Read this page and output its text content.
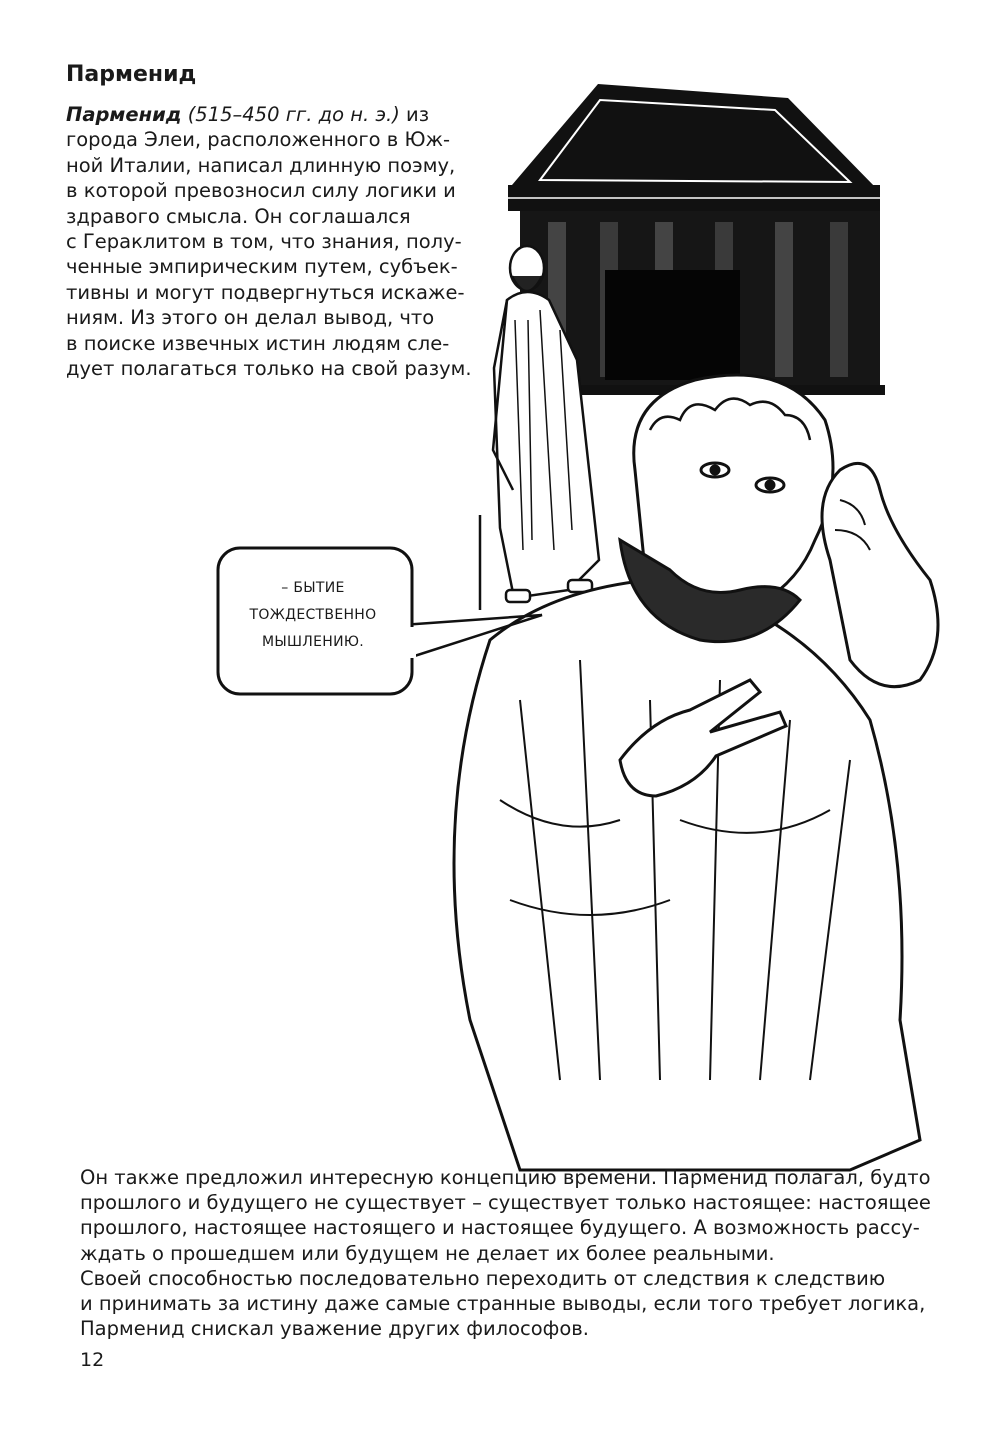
Парменид
Парменид (515–450 гг. до н. э.) из
города Элеи, расположенного в Юж-
ной Италии, написал длинную поэму,
в которой превозносил силу логики и
здравого смысла. Он соглашался
с Гераклитом в том, что знания, полу-
ченные эмпирическим путем, субъек-
тивны и могут подвергнуться искаже-
ниям. Из этого он делал вывод, что
в поиске извечных истин людям сле-
дует полагаться только на свой разум.
– БЫТИЕ
ТОЖДЕСТВЕННО
МЫШЛЕНИЮ.
Он также предложил интересную концепцию времени. Парменид полагал, будто
прошлого и будущего не существует – существует только настоящее: настоящее
прошлого, настоящее настоящего и настоящее будущего. А возможность рассу-
ждать о прошедшем или будущем не делает их более реальными.
Своей способностью последовательно переходить от следствия к следствию
и принимать за истину даже самые странные выводы, если того требует логика,
Парменид снискал уважение других философов.
12
